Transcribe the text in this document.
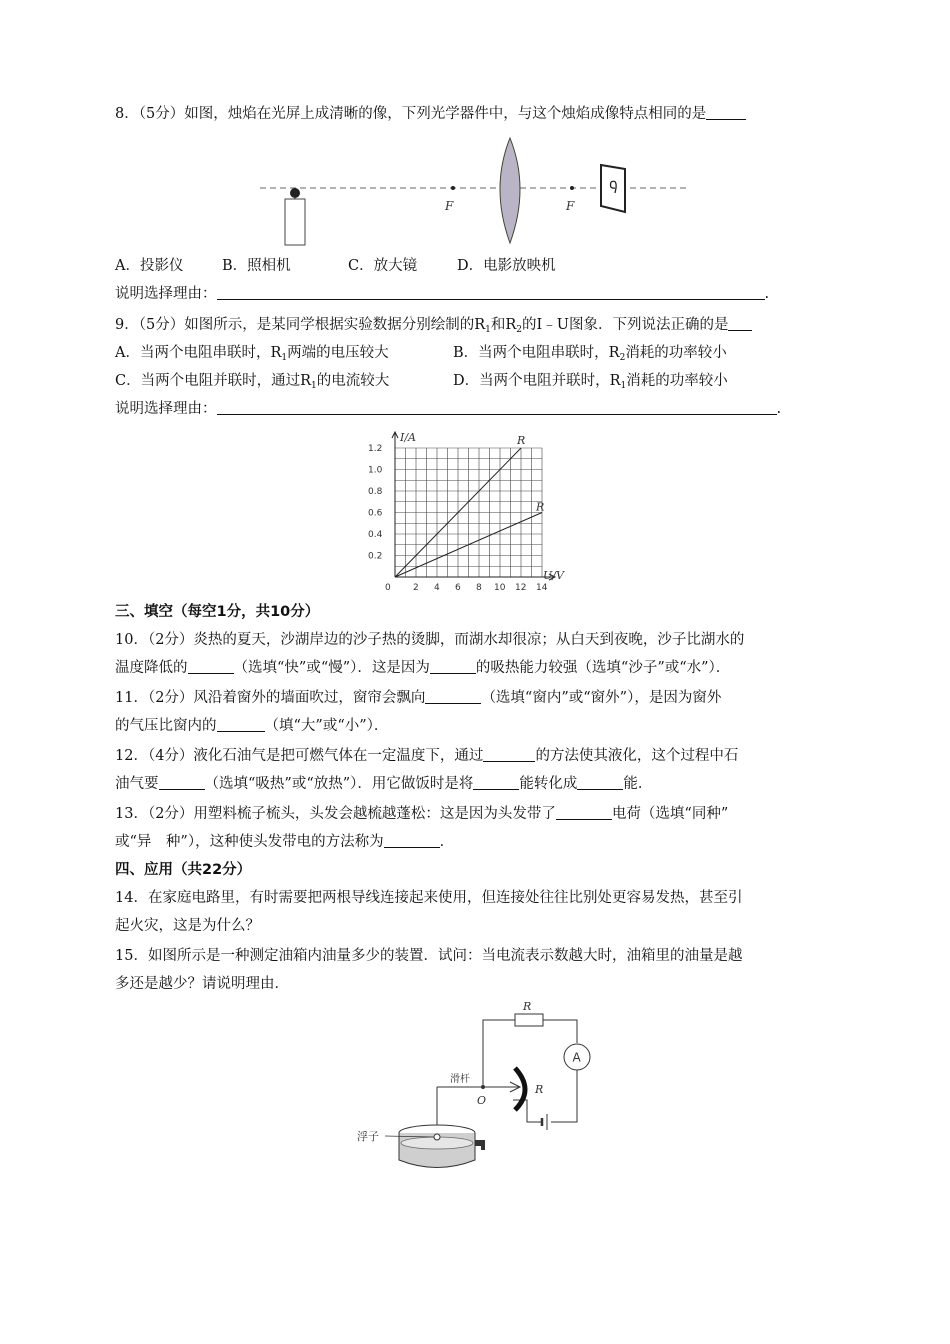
8．（5分）如图，烛焰在光屏上成清晰的像，下列光学器件中，与这个烛焰成像特点相同的是
F	F
A．投影仪	B．照相机	C．放大镜	D．电影放映机
说明选择理由：	.
9．（5分）如图所示，是某同学根据实验数据分别绘制的$R_1$和$R_2$的I﹣U图象．下列说法正确的是
A．当两个电阻串联时，$R_1$两端的电压较大	B．当两个电阻串联时，$R_2$消耗的功率较小
C．当两个电阻并联时，通过$R_1$的电流较大	D．当两个电阻并联时，$R_1$消耗的功率较小
说明选择理由：	.
I/A
U/V
0 2 4 6 8 10 12 14
0.2
0.4
0.6
0.8
1.0
1.2
R
R
三、填空（每空1分，共10分）
10．（2分）炎热的夏天，沙湖岸边的沙子热的烫脚，而湖水却很凉；从白天到夜晚，沙子比湖水的
温度降低的	（选填“快”或“慢”）．这是因为	的吸热能力较强（选填“沙子”或“水”）．
11．（2分）风沿着窗外的墙面吹过，窗帘会飘向	（选填“窗内”或“窗外”），是因为窗外
的气压比窗内的	（填“大”或“小”）．
12．（4分）液化石油气是把可燃气体在一定温度下，通过	的方法使其液化，这个过程中石
油气要	（选填“吸热”或“放热”）．用它做饭时是将	能转化成	能．
13．（2分）用塑料梳子梳头，头发会越梳越蓬松：这是因为头发带了	电荷（选填“同种”
或“异　种”），这种使头发带电的方法称为	．
四、应用（共22分）
14．在家庭电路里，有时需要把两根导线连接起来使用，但连接处往往比别处更容易发热，甚至引
起火灾，这是为什么？
15．如图所示是一种测定油箱内油量多少的装置．试问：当电流表示数越大时，油箱里的油量是越
多还是越少？请说明理由．
R
A
R
滑杆
O
浮子
